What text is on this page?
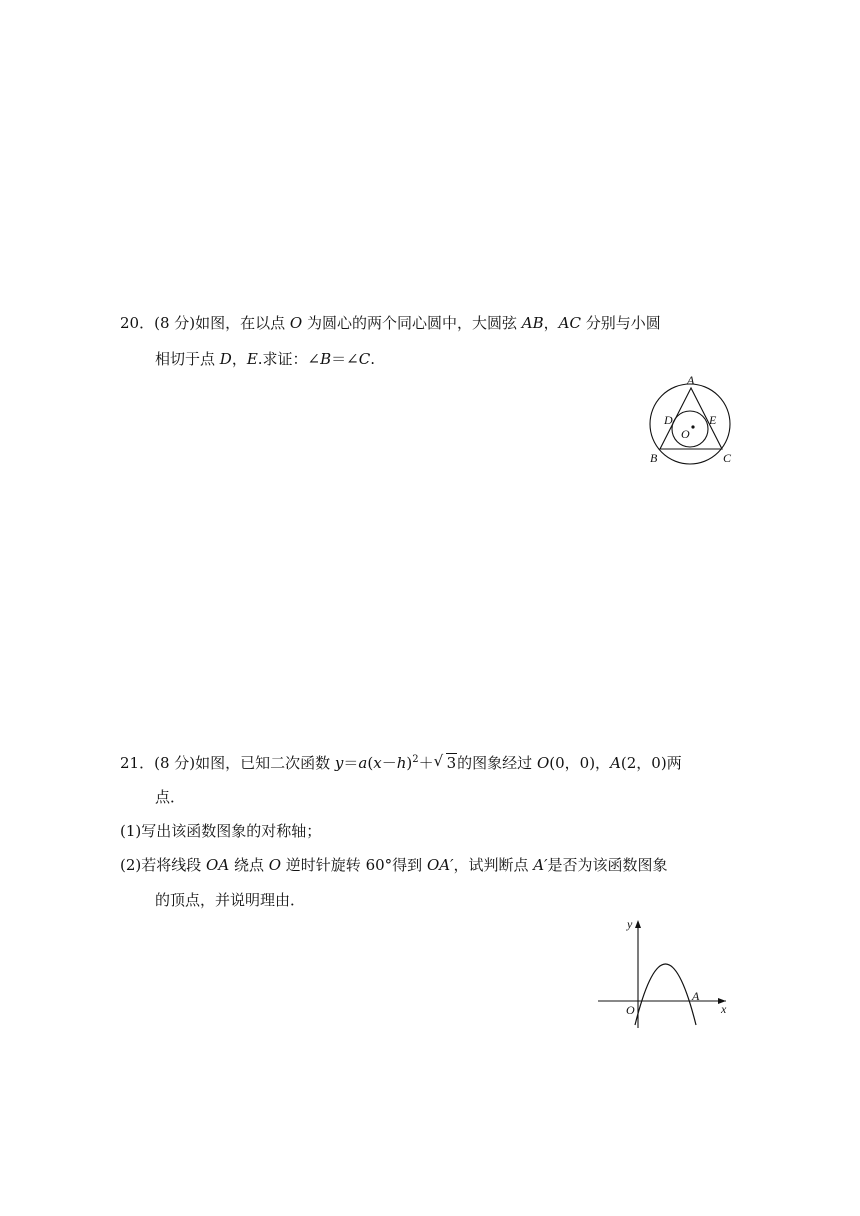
20．(8 分)如图，在以点 O 为圆心的两个同心圆中，大圆弦 AB，AC 分别与小圆
相切于点 D，E.求证：∠B＝∠C.
A
D	E
O
B	C
21．(8 分)如图，已知二次函数 $y=a(x-h)^2+$ √ 3的图象经过 O(0，0)，A(2，0)两
点．
(1)写出该函数图象的对称轴；
(2)若将线段 OA 绕点 O 逆时针旋转 60°得到 OA′，试判断点 A′是否为该函数图象
的顶点，并说明理由．
y
x
O
A
